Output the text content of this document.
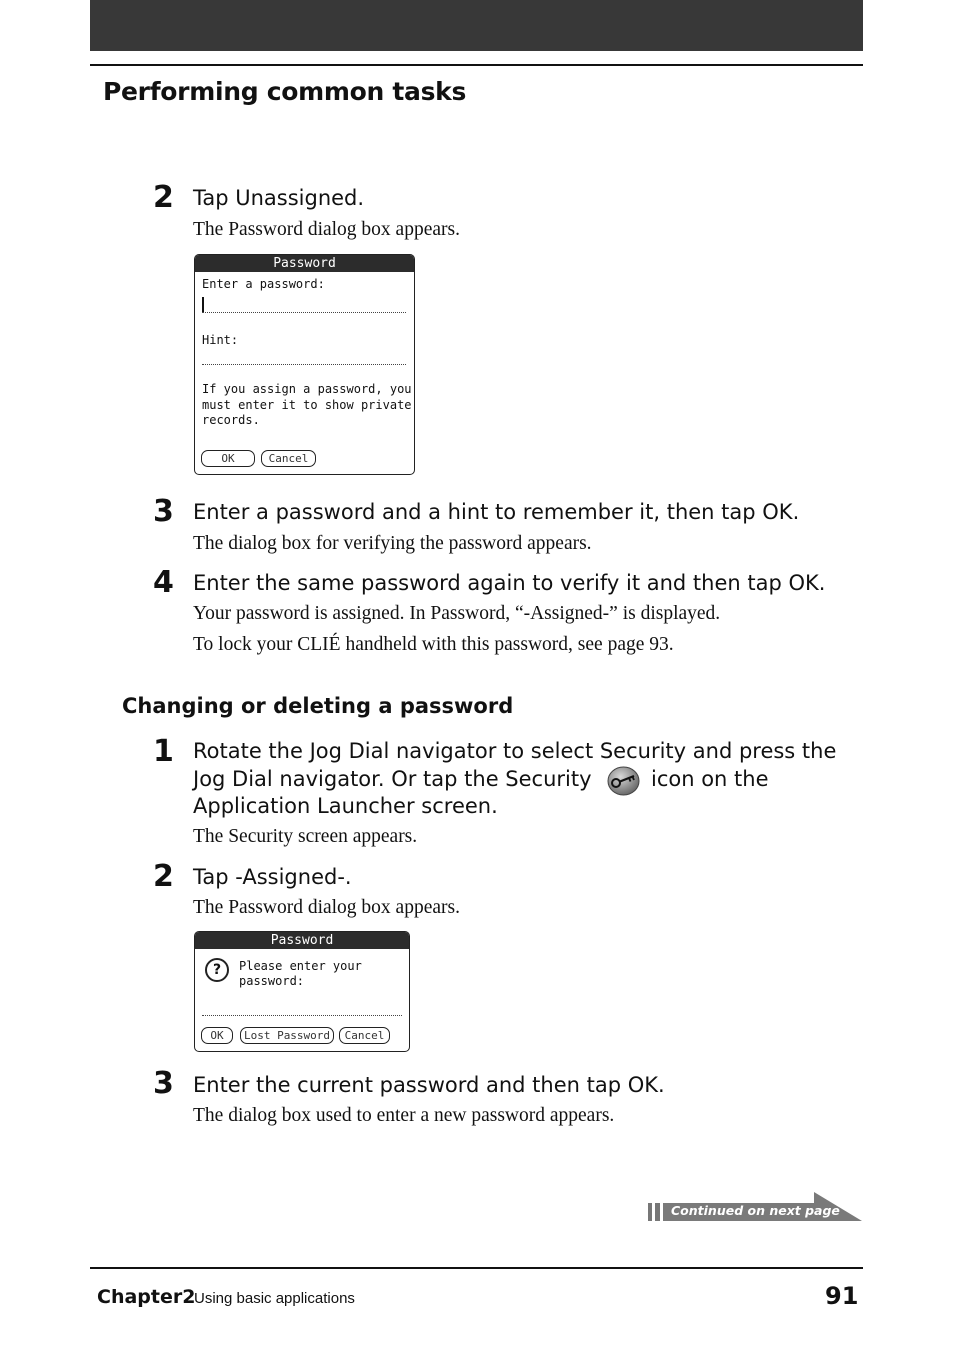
Performing common tasks
2 Tap Unassigned.
The Password dialog box appears.
Password
Enter a password:
Hint:
If you assign a password, you
must enter it to show private
records.
OK	Cancel
3 Enter a password and a hint to remember it, then tap OK.
The dialog box for verifying the password appears.
4 Enter the same password again to verify it and then tap OK.
Your password is assigned. In Password, “-Assigned-” is displayed.
To lock your CLIÉ handheld with this password, see page 93.
Changing or deleting a password
1 Rotate the Jog Dial navigator to select Security and press the
Jog Dial navigator. Or tap the Security	icon on the
Application Launcher screen.
The Security screen appears.
2 Tap -Assigned-.
The Password dialog box appears.
Password
?	Please enter your
password:
OK	Lost Password	Cancel
3 Enter the current password and then tap OK.
The dialog box used to enter a new password appears.
Continued on next page
Chapter2
Using basic applications	91
